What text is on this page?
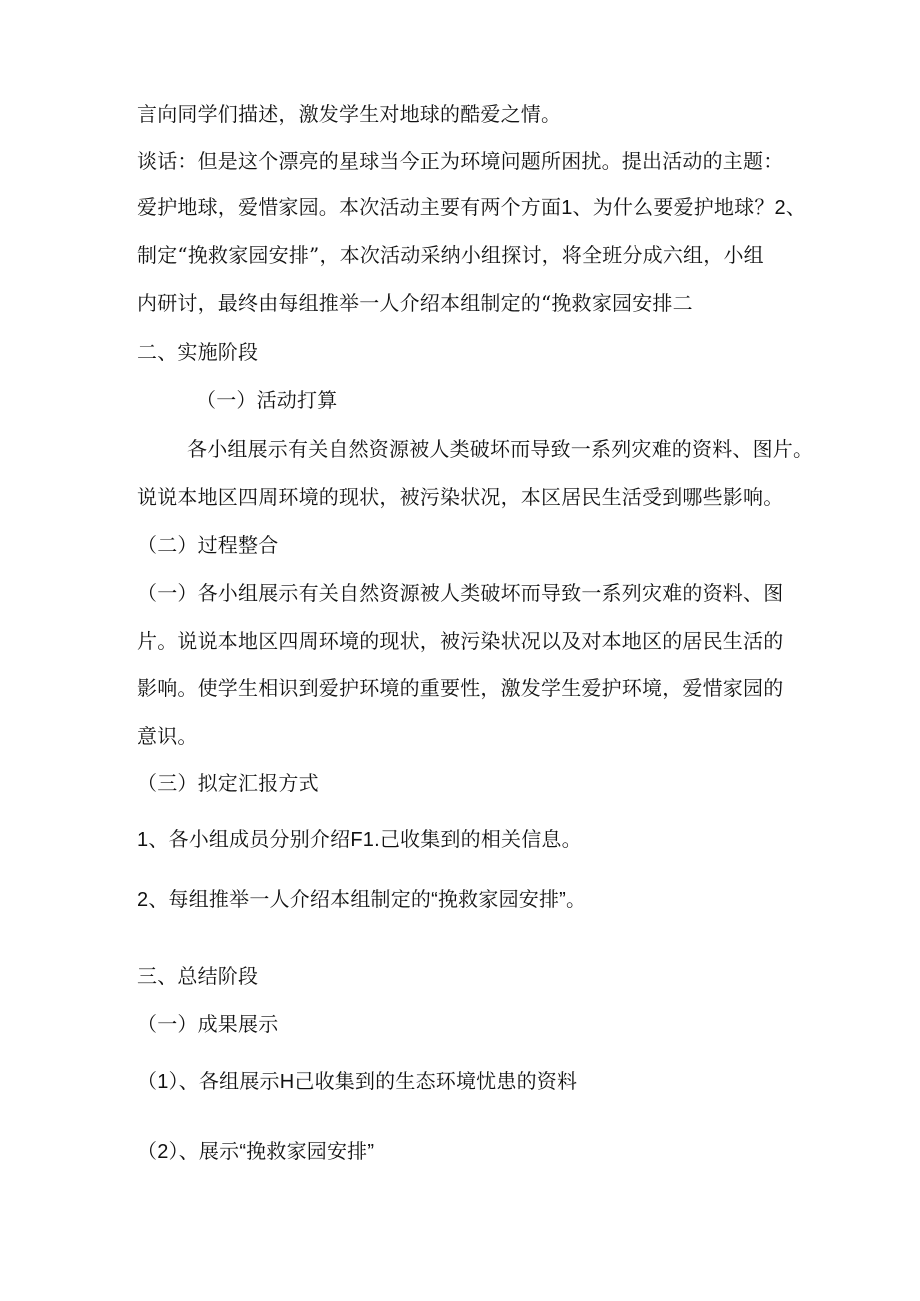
言向同学们描述，激发学生对地球的酷爱之情。
谈话：但是这个漂亮的星球当今正为环境问题所困扰。提出活动的主题：
爱护地球，爱惜家园。本次活动主要有两个方面1、为什么要爱护地球？2、
制定“挽救家园安排”，本次活动采纳小组探讨，将全班分成六组，小组
内研讨，最终由每组推举一人介绍本组制定的“挽救家园安排二
二、实施阶段
（一）活动打算
各小组展示有关自然资源被人类破坏而导致一系列灾难的资料、图片。
说说本地区四周环境的现状，被污染状况，本区居民生活受到哪些影响。
（二）过程整合
（一）各小组展示有关自然资源被人类破坏而导致一系列灾难的资料、图
片。说说本地区四周环境的现状，被污染状况以及对本地区的居民生活的
影响。使学生相识到爱护环境的重要性，激发学生爱护环境，爱惜家园的
意识。
（三）拟定汇报方式
1、各小组成员分别介绍F1.己收集到的相关信息。
2、每组推举一人介绍本组制定的“挽救家园安排”。
三、总结阶段
（一）成果展示
（1）、各组展示H己收集到的生态环境忧患的资料
（2）、展示“挽救家园安排”
